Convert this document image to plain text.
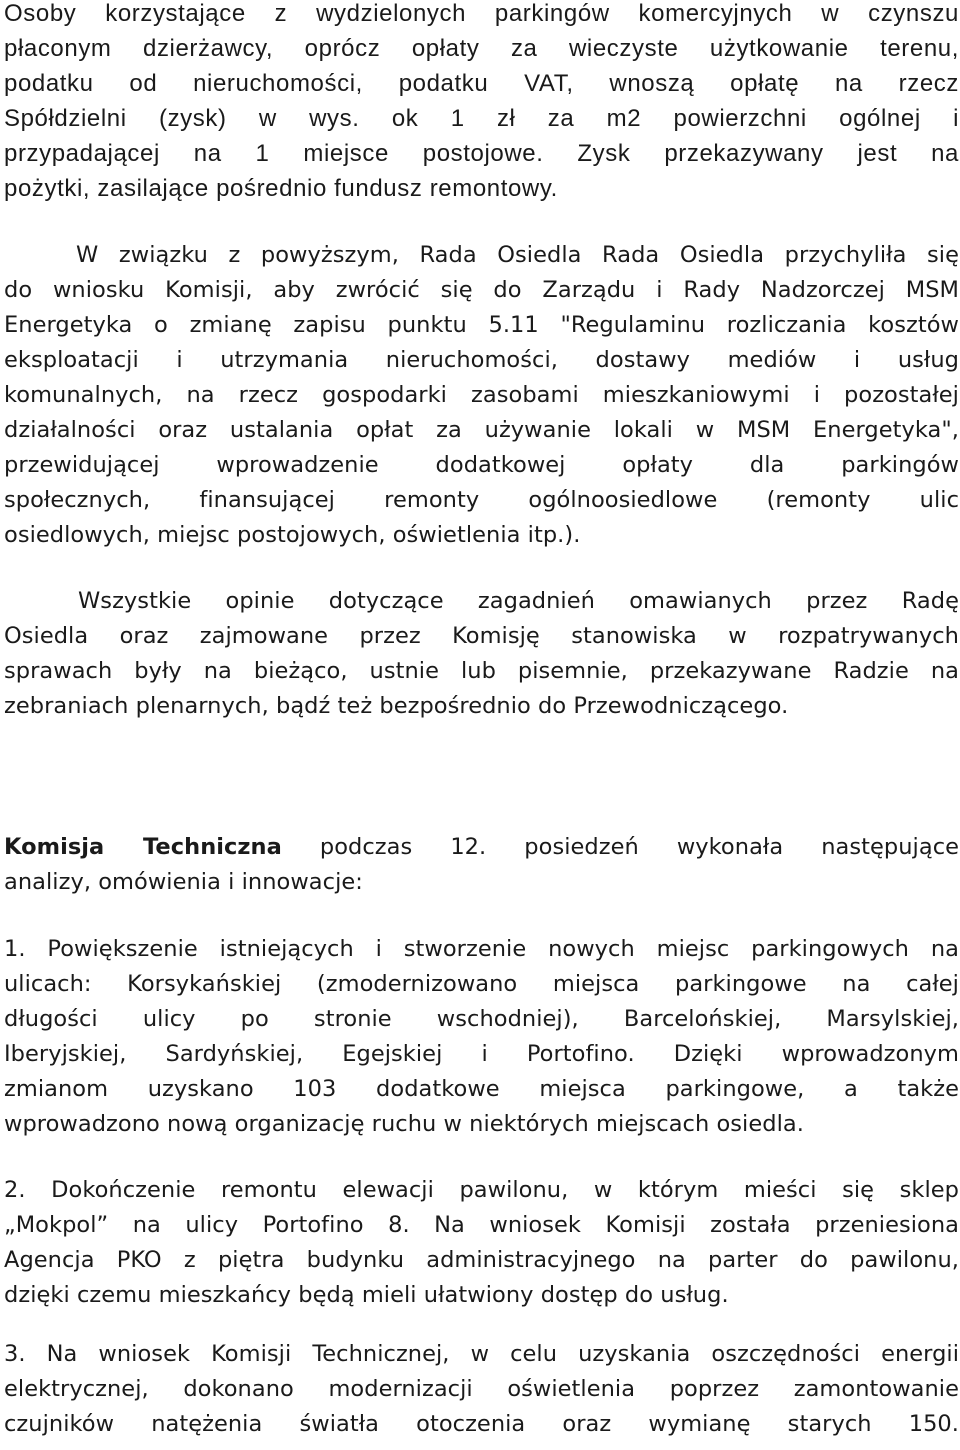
Osoby korzystające z wydzielonych parkingów komercyjnych w czynszu
płaconym dzierżawcy, oprócz opłaty za wieczyste użytkowanie terenu,
podatku od nieruchomości, podatku VAT, wnoszą opłatę na rzecz
Spółdzielni (zysk) w wys. ok 1 zł za m2 powierzchni ogólnej i
przypadającej na 1 miejsce postojowe. Zysk przekazywany jest na
pożytki, zasilające pośrednio fundusz remontowy.
W związku z powyższym, Rada Osiedla Rada Osiedla przychyliła się
do wniosku Komisji, aby zwrócić się do Zarządu i Rady Nadzorczej MSM
Energetyka o zmianę zapisu punktu 5.11 "Regulaminu rozliczania kosztów
eksploatacji i utrzymania nieruchomości, dostawy mediów i usług
komunalnych, na rzecz gospodarki zasobami mieszkaniowymi i pozostałej
działalności oraz ustalania opłat za używanie lokali w MSM Energetyka",
przewidującej wprowadzenie dodatkowej opłaty dla parkingów
społecznych, finansującej remonty ogólnoosiedlowe (remonty ulic
osiedlowych, miejsc postojowych, oświetlenia itp.).
Wszystkie opinie dotyczące zagadnień omawianych przez Radę
Osiedla oraz zajmowane przez Komisję stanowiska w rozpatrywanych
sprawach były na bieżąco, ustnie lub pisemnie, przekazywane Radzie na
zebraniach plenarnych, bądź też bezpośrednio do Przewodniczącego.
Komisja Techniczna podczas 12. posiedzeń wykonała następujące
analizy, omówienia i innowacje:
1. Powiększenie istniejących i stworzenie nowych miejsc parkingowych na
ulicach: Korsykańskiej (zmodernizowano miejsca parkingowe na całej
długości ulicy po stronie wschodniej), Barcelońskiej, Marsylskiej,
Iberyjskiej, Sardyńskiej, Egejskiej i Portofino. Dzięki wprowadzonym
zmianom uzyskano 103 dodatkowe miejsca parkingowe, a także
wprowadzono nową organizację ruchu w niektórych miejscach osiedla.
2. Dokończenie remontu elewacji pawilonu, w którym mieści się sklep
„Mokpol” na ulicy Portofino 8. Na wniosek Komisji została przeniesiona
Agencja PKO z piętra budynku administracyjnego na parter do pawilonu,
dzięki czemu mieszkańcy będą mieli ułatwiony dostęp do usług.
3. Na wniosek Komisji Technicznej, w celu uzyskania oszczędności energii
elektrycznej, dokonano modernizacji oświetlenia poprzez zamontowanie
czujników natężenia światła otoczenia oraz wymianę starych 150.
